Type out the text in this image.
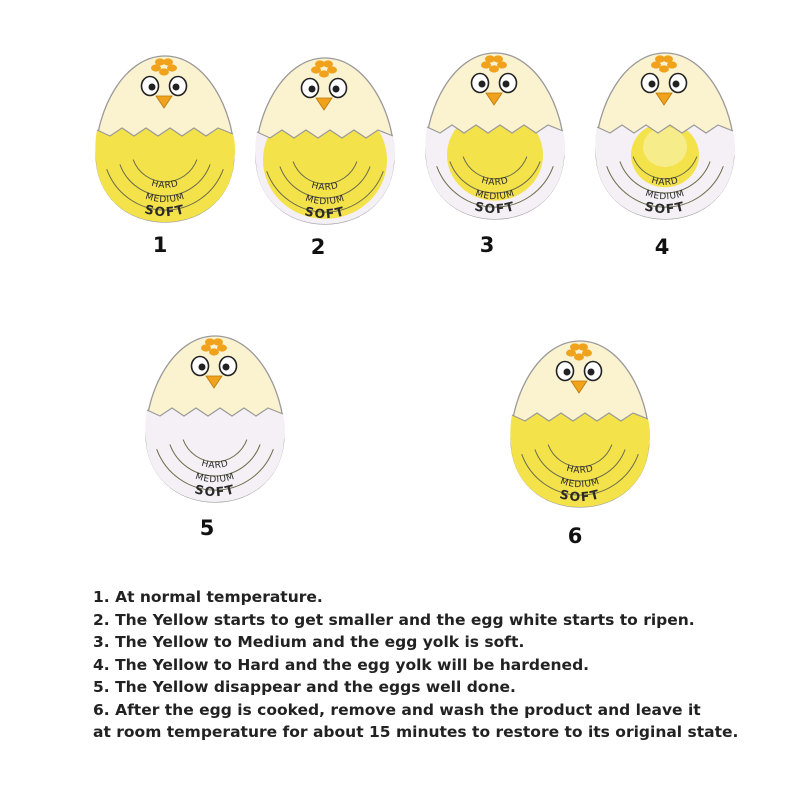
HARD
MEDIUM
SOFT
HARD
MEDIUM
SOFT
HARD
MEDIUM
SOFT
HARD
MEDIUM
SOFT
HARD
MEDIUM
SOFT
HARD
MEDIUM
SOFT
1	2	3	4
5	6
1. At normal temperature.
2. The Yellow starts to get smaller and the egg white starts to ripen.
3. The Yellow to Medium and the egg yolk is soft.
4. The Yellow to Hard and the egg yolk will be hardened.
5. The Yellow disappear and the eggs well done.
6. After the egg is cooked, remove and wash the product and leave it
at room temperature for about 15 minutes to restore to its original state.
